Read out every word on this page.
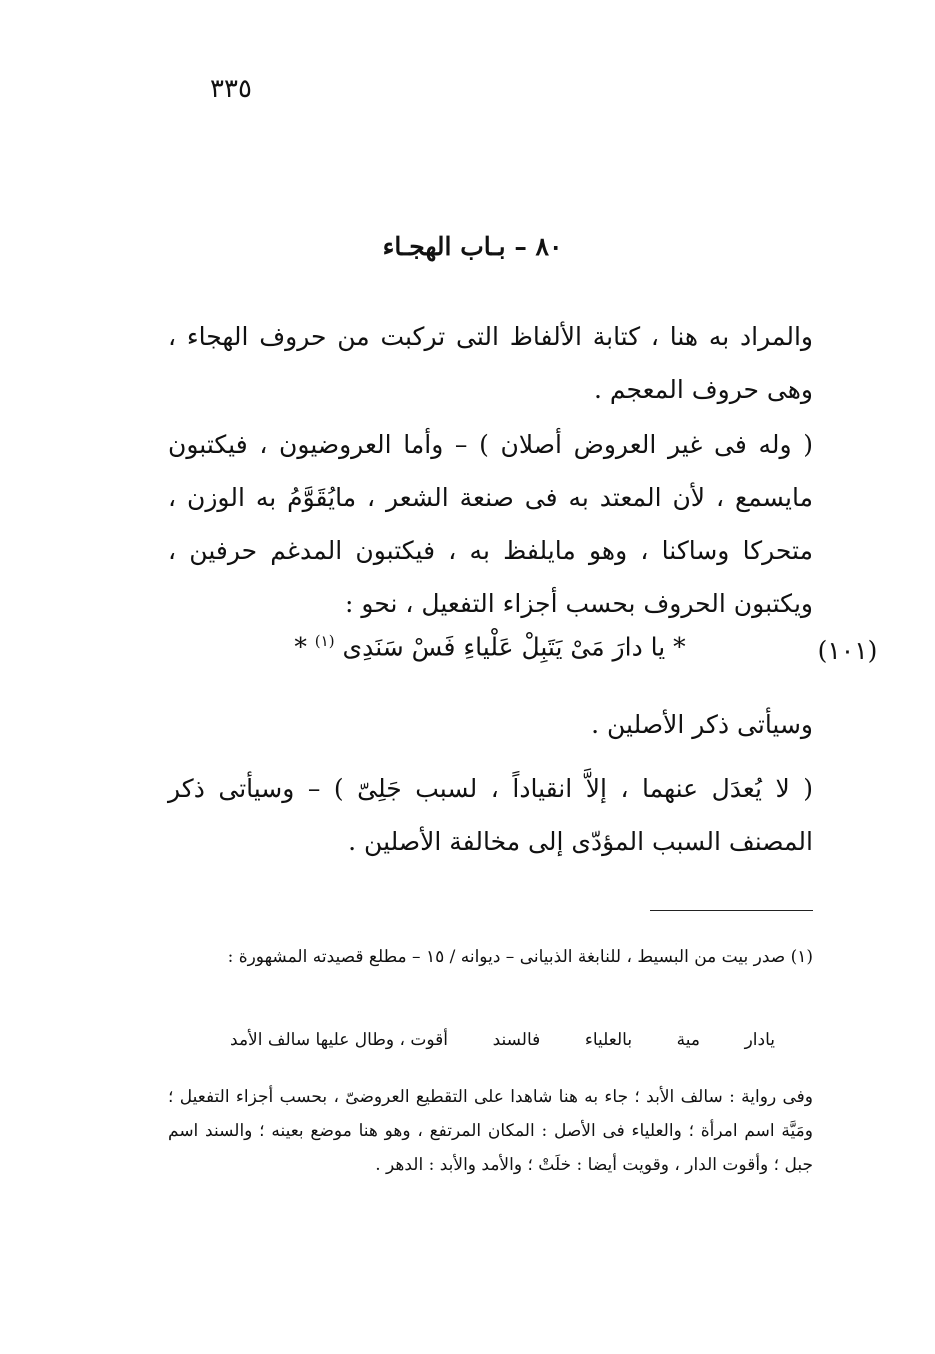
٣٣٥
٨٠ – بـاب الهجـاء
والمراد به هنا ، كتابة الألفاظ التى تركبت من حروف الهجاء ، وهى حروف المعجم .
( وله فى غير العروض أصلان ) – وأما العروضيون ، فيكتبون مايسمع ، لأن المعتد به فى صنعة الشعر ، مايُقَوَّمُ به الوزن ، متحركا وساكنا ، وهو مايلفظ به ، فيكتبون المدغم حرفين ، ويكتبون الحروف بحسب أجزاء التفعيل ، نحو :
* يا دارَ مَىْ يَتَبِلْ عَلْياءِ فَسْ سَنَدِى $^{(١)}$ *	(١٠١)
وسيأتى ذكر الأصلين .
( لا يُعدَل عنهما ، إلاَّ انقياداً ، لسبب جَلِىّ ) – وسيأتى ذكر المصنف السبب المؤدّى إلى مخالفة الأصلين .
(١) صدر بيت من البسيط ، للنابغة الذبيانى – ديوانه / ١٥ – مطلع قصيدته المشهورة :
يادار
مية
بالعلياء
فالسند
أقوت ، وطال عليها سالف الأمد
وفى رواية : سالف الأبد ؛ جاء به هنا شاهدا على التقطيع العروضىّ ، بحسب أجزاء التفعيل ؛ ومَيَّة اسم امرأة ؛ والعلياء فى الأصل : المكان المرتفع ، وهو هنا موضع بعينه ؛ والسند اسم جبل ؛ وأقوت الدار ، وقويت أيضا : خلَتْ ؛ والأمد والأبد : الدهر .
